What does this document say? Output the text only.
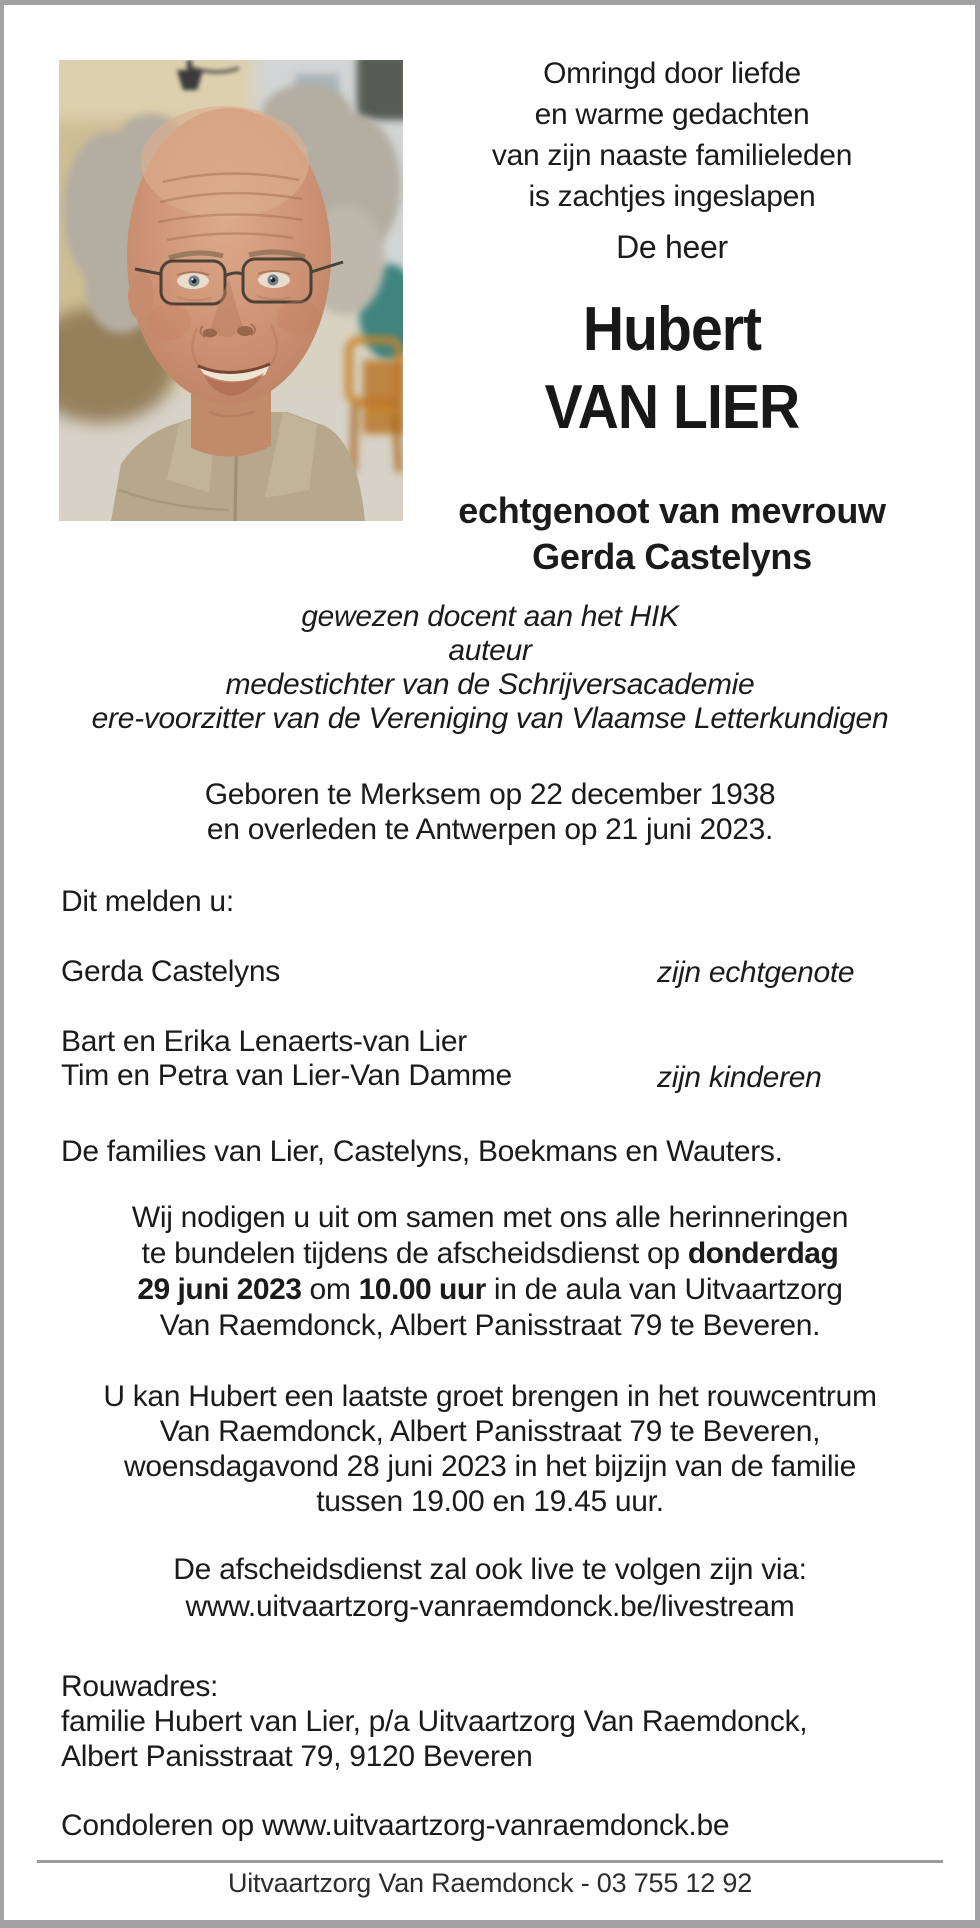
Omringd door liefde
en warme gedachten
van zijn naaste familieleden
is zachtjes ingeslapen
De heer
Hubert
VAN LIER
echtgenoot van mevrouw
Gerda Castelyns
gewezen docent aan het HIK
auteur
medestichter van de Schrijversacademie
ere-voorzitter van de Vereniging van Vlaamse Letterkundigen
Geboren te Merksem op 22 december 1938
en overleden te Antwerpen op 21 juni 2023.
Dit melden u:
Gerda Castelyns	zijn echtgenote
Bart en Erika Lenaerts-van Lier
Tim en Petra van Lier-Van Damme	zijn kinderen
De families van Lier, Castelyns, Boekmans en Wauters.
Wij nodigen u uit om samen met ons alle herinneringen
te bundelen tijdens de afscheidsdienst op donderdag
29 juni 2023 om 10.00 uur in de aula van Uitvaartzorg
Van Raemdonck, Albert Panisstraat 79 te Beveren.
U kan Hubert een laatste groet brengen in het rouwcentrum
Van Raemdonck, Albert Panisstraat 79 te Beveren,
woensdagavond 28 juni 2023 in het bijzijn van de familie
tussen 19.00 en 19.45 uur.
De afscheidsdienst zal ook live te volgen zijn via:
www.uitvaartzorg-vanraemdonck.be/livestream
Rouwadres:
familie Hubert van Lier, p/a Uitvaartzorg Van Raemdonck,
Albert Panisstraat 79, 9120 Beveren
Condoleren op www.uitvaartzorg-vanraemdonck.be
Uitvaartzorg Van Raemdonck - 03 755 12 92
